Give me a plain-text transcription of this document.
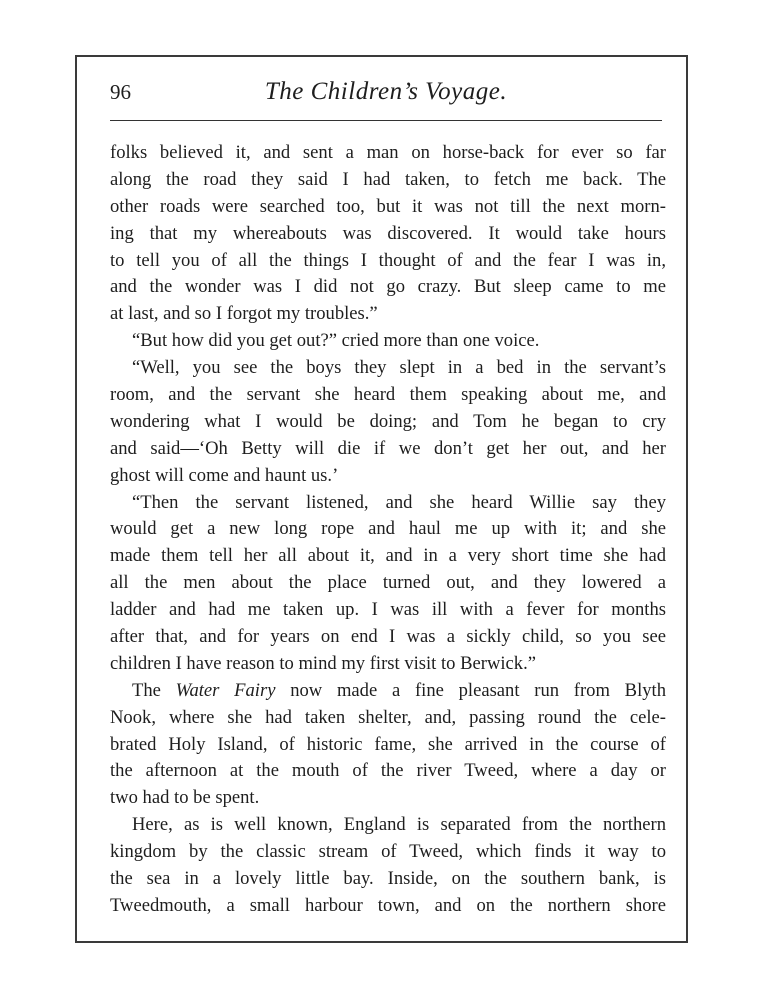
96	The Children’s Voyage.
folks believed it, and sent a man on horse-back for ever so far
along the road they said I had taken, to fetch me back. The
other roads were searched too, but it was not till the next morn-
ing that my whereabouts was discovered. It would take hours
to tell you of all the things I thought of and the fear I was in,
and the wonder was I did not go crazy. But sleep came to me
at last, and so I forgot my troubles.”
“But how did you get out?” cried more than one voice.
“Well, you see the boys they slept in a bed in the servant’s
room, and the servant she heard them speaking about me, and
wondering what I would be doing; and Tom he began to cry
and said—‘Oh Betty will die if we don’t get her out, and her
ghost will come and haunt us.’
“Then the servant listened, and she heard Willie say they
would get a new long rope and haul me up with it; and she
made them tell her all about it, and in a very short time she had
all the men about the place turned out, and they lowered a
ladder and had me taken up. I was ill with a fever for months
after that, and for years on end I was a sickly child, so you see
children I have reason to mind my first visit to Berwick.”
The Water Fairy now made a fine pleasant run from Blyth
Nook, where she had taken shelter, and, passing round the cele-
brated Holy Island, of historic fame, she arrived in the course of
the afternoon at the mouth of the river Tweed, where a day or
two had to be spent.
Here, as is well known, England is separated from the northern
kingdom by the classic stream of Tweed, which finds it way to
the sea in a lovely little bay. Inside, on the southern bank, is
Tweedmouth, a small harbour town, and on the northern shore
